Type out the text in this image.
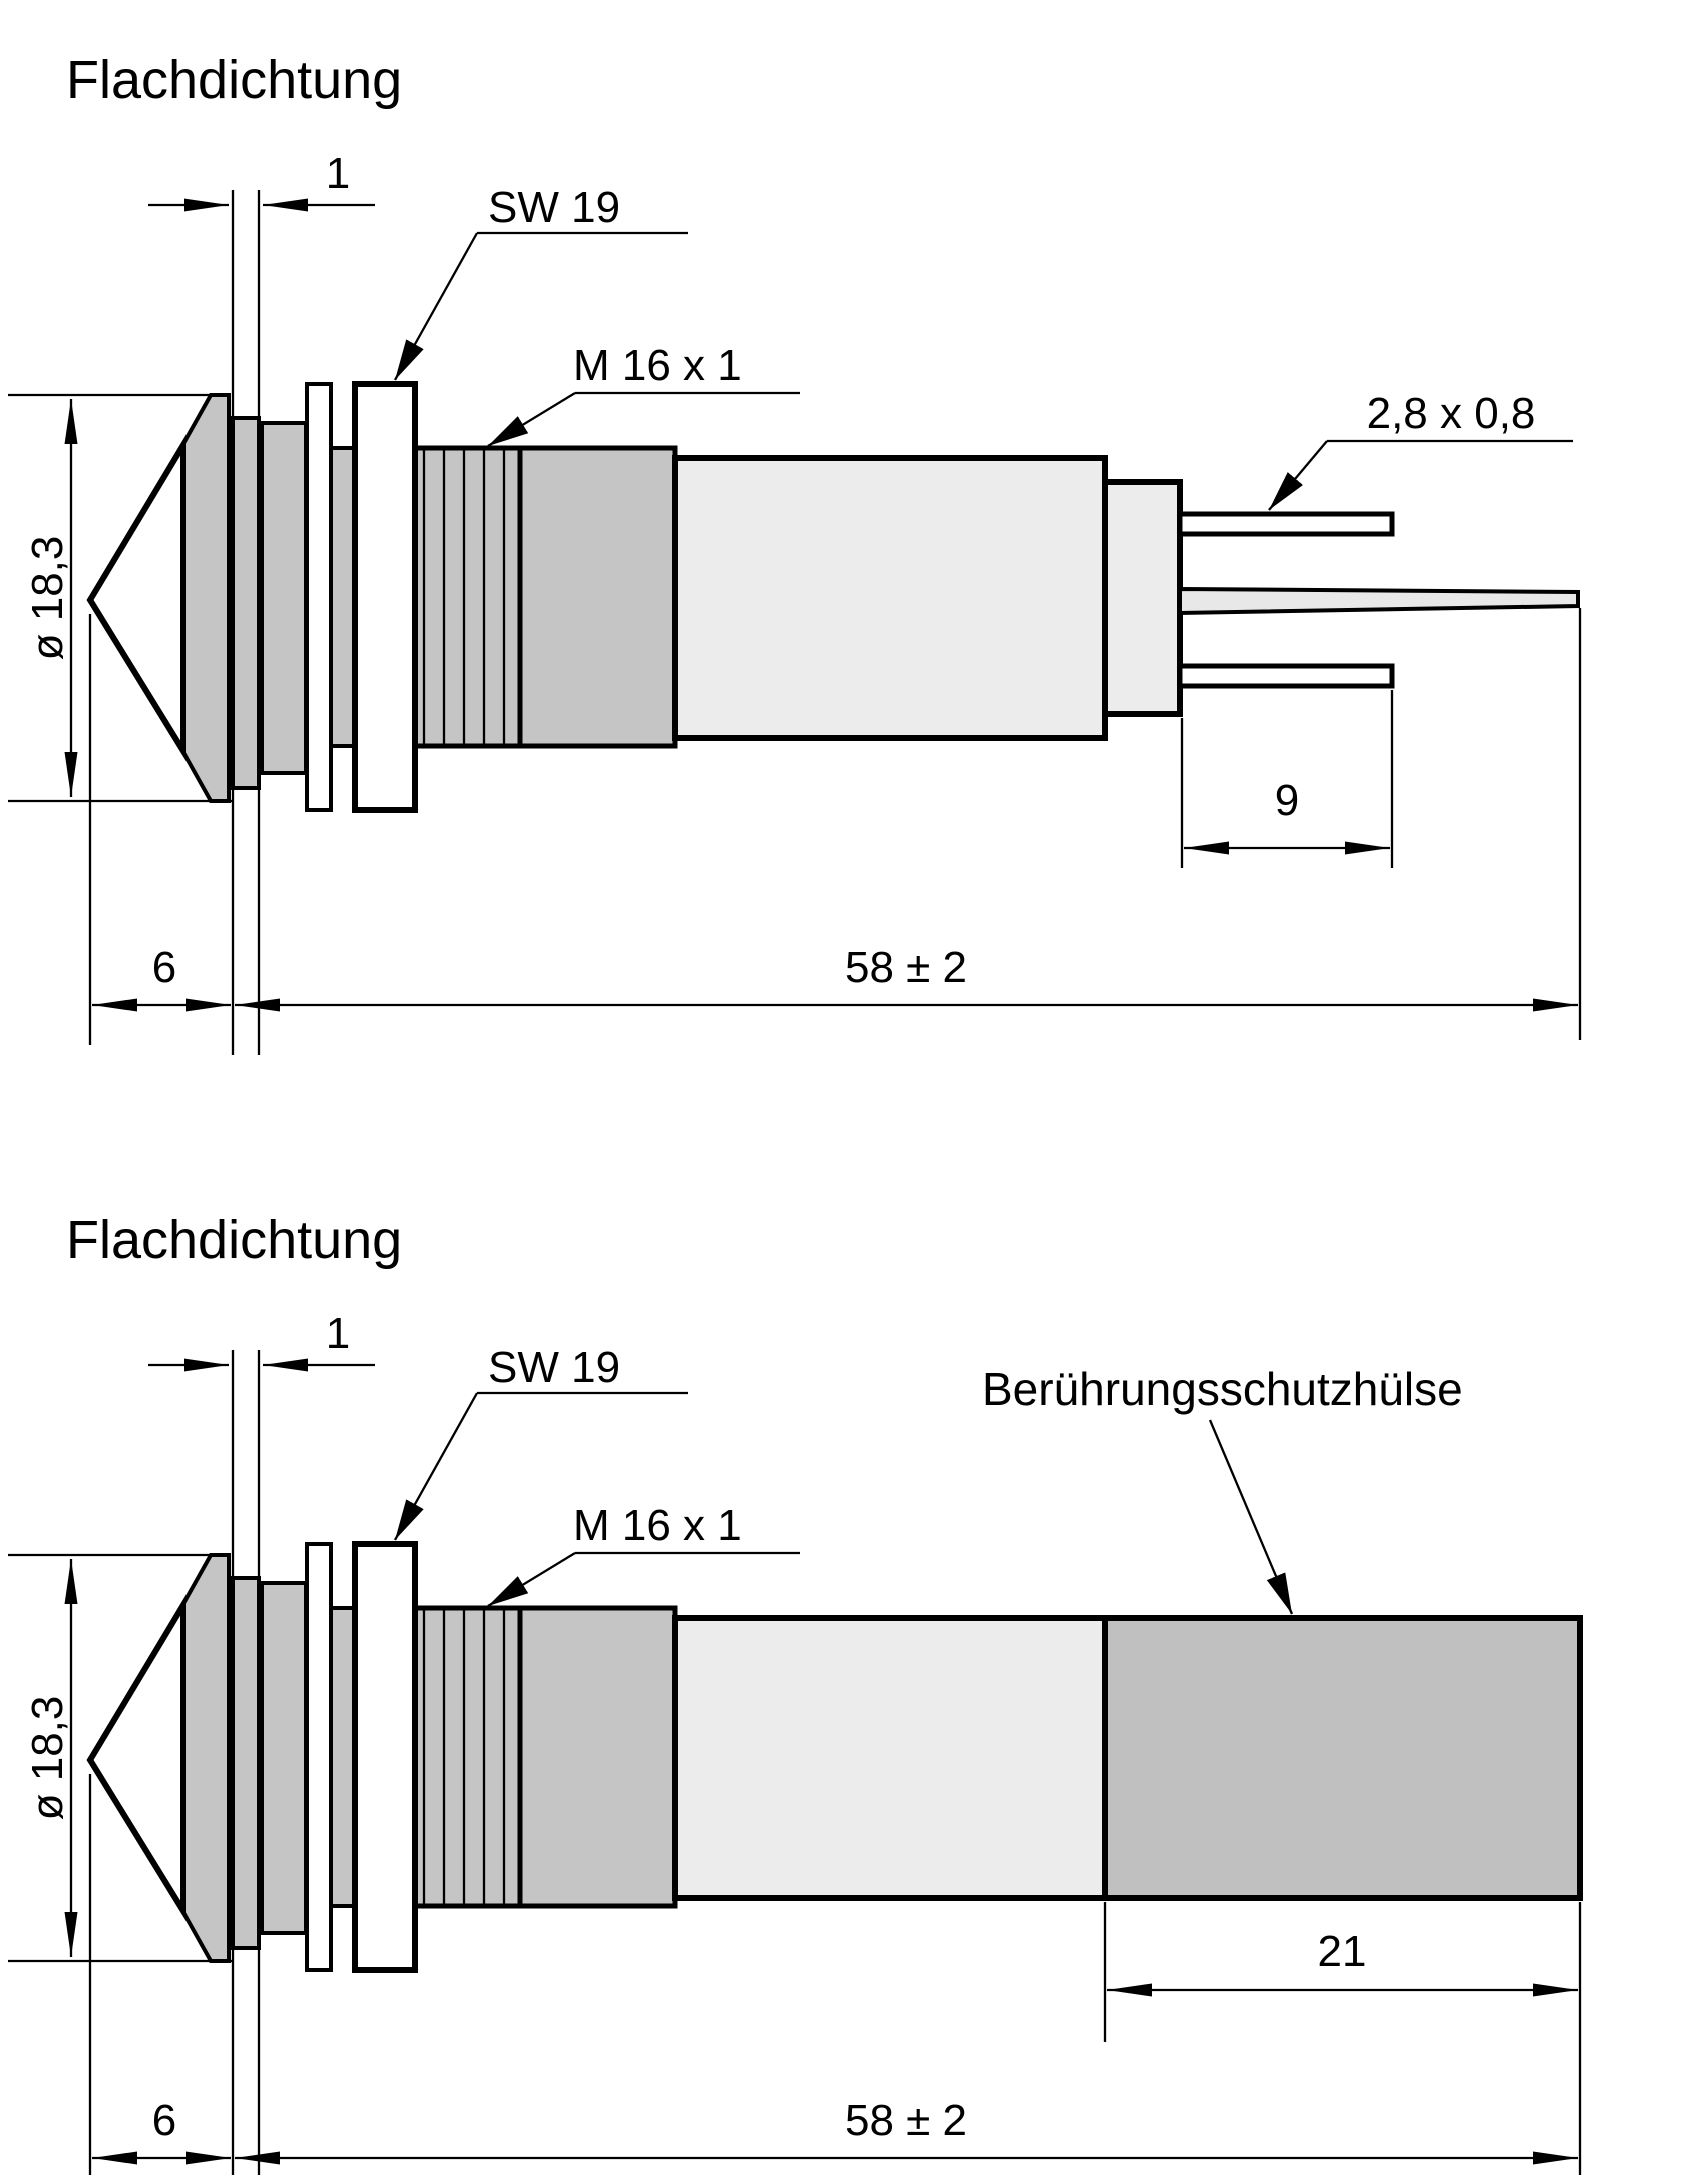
Flachdichtung
1
SW 19
M 16 x 1
2,8 x 0,8
ø 18,3
9
6	58 ± 2
Flachdichtung
1
SW 19
M 16 x 1
Berührungsschutzhülse
ø 18,3
21
6	58 ± 2
